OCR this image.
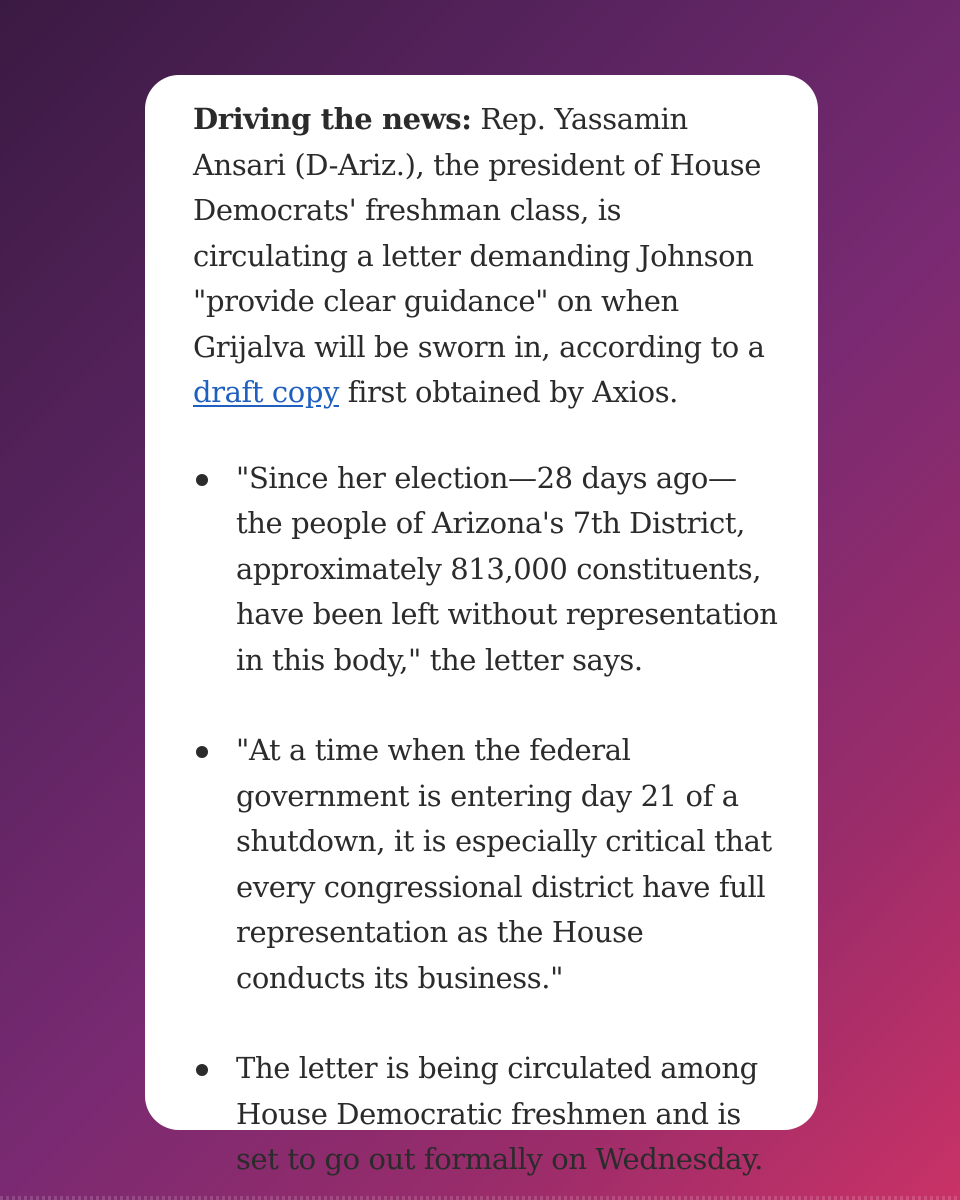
Driving the news: Rep. Yassamin Ansari (D-Ariz.), the president of House Democrats' freshman class, is circulating a letter demanding Johnson "provide clear guidance" on when Grijalva will be sworn in, according to a draft copy first obtained by Axios.

"Since her election—28 days ago—the people of Arizona's 7th District, approximately 813,000 constituents, have been left without representation in this body," the letter says.
"At a time when the federal government is entering day 21 of a shutdown, it is especially critical that every congressional district have full representation as the House conducts its business."
The letter is being circulated among House Democratic freshmen and is set to go out formally on Wednesday.
